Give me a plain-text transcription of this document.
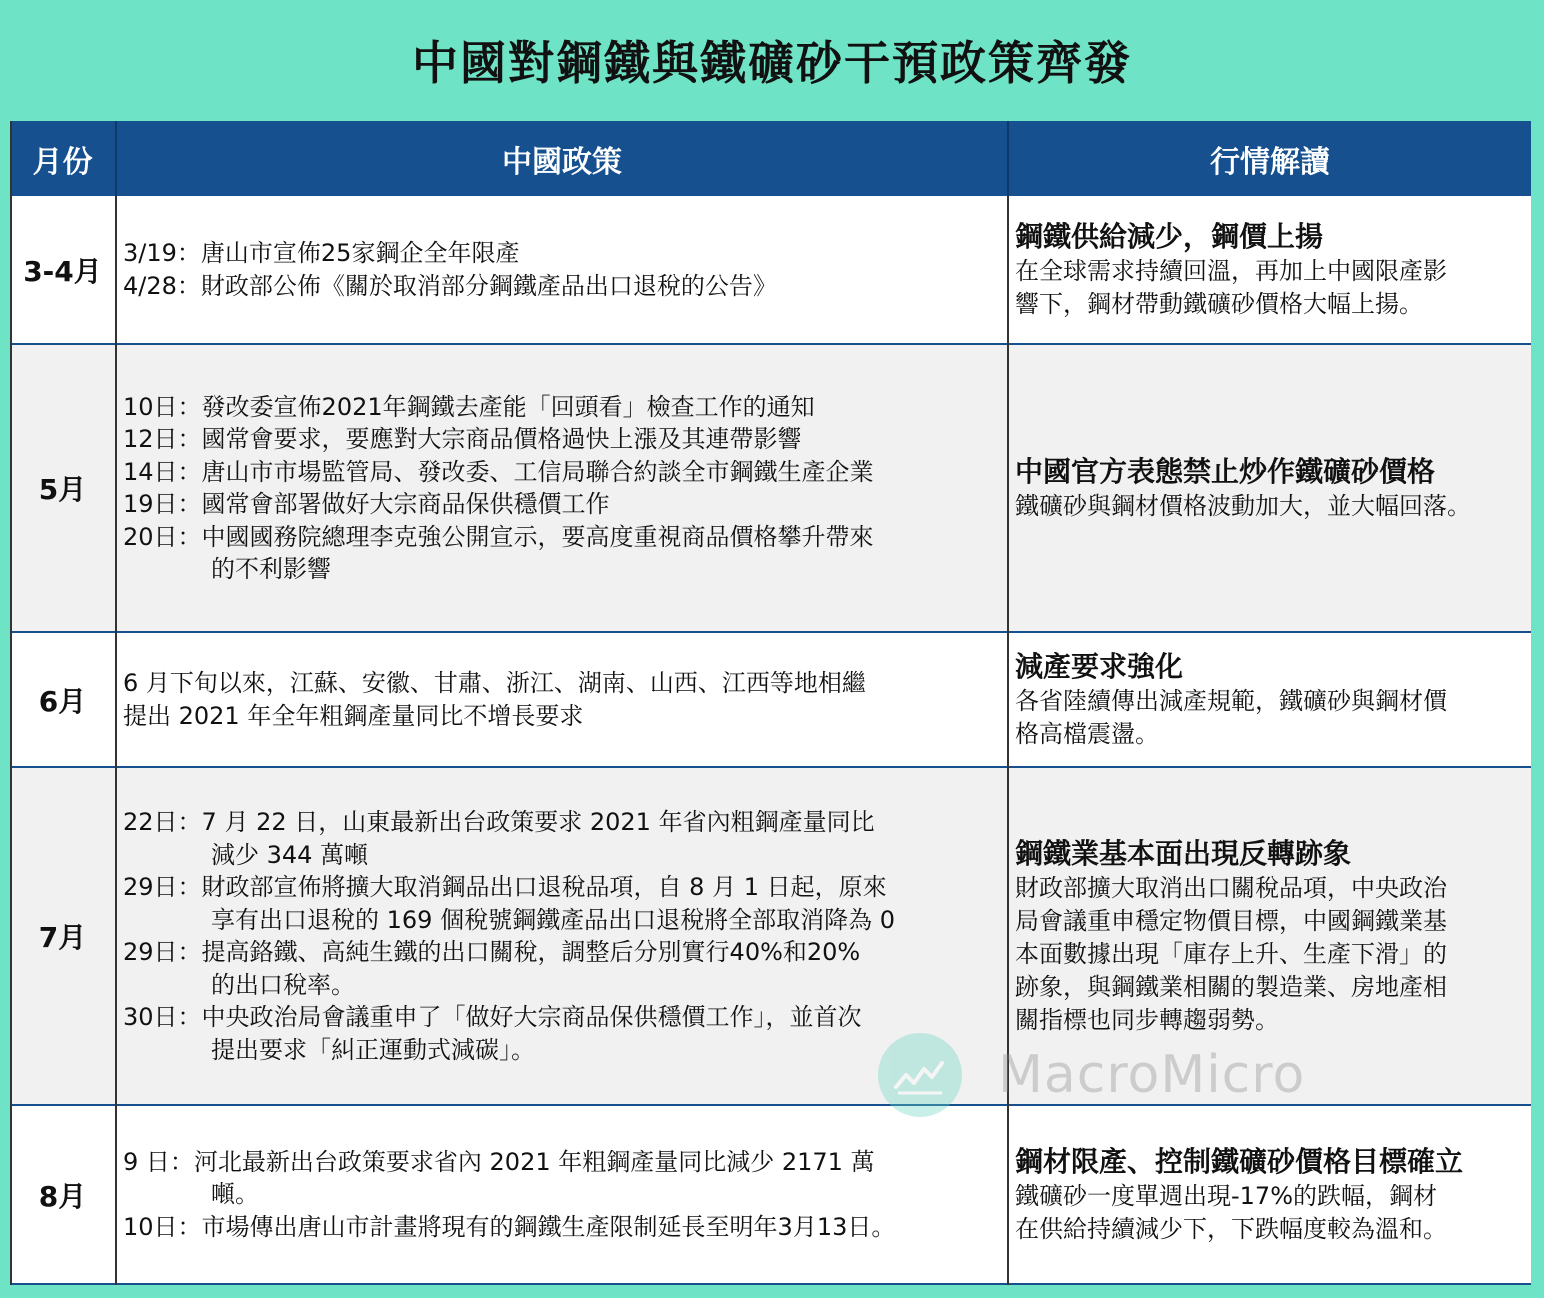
中國對鋼鐵與鐵礦砂干預政策齊發
月份	中國政策	行情解讀
3-4月
3/19： 唐山市宣佈25家鋼企全年限產
4/28： 財政部公佈《關於取消部分鋼鐵產品出口退稅的公告》
鋼鐵供給減少，鋼價上揚
在全球需求持續回溫，再加上中國限產影
響下，鋼材帶動鐵礦砂價格大幅上揚。
5月
10日： 發改委宣佈2021年鋼鐵去產能「回頭看」檢查工作的通知
12日： 國常會要求，要應對大宗商品價格過快上漲及其連帶影響
14日： 唐山市市場監管局、發改委、工信局聯合約談全市鋼鐵生產企業
19日： 國常會部署做好大宗商品保供穩價工作
20日： 中國國務院總理李克強公開宣示，要高度重視商品價格攀升帶來
的不利影響
中國官方表態禁止炒作鐵礦砂價格
鐵礦砂與鋼材價格波動加大，並大幅回落。
6月
6 月下旬以來，江蘇、安徽、甘肅、浙江、湖南、山西、江西等地相繼
提出 2021 年全年粗鋼產量同比不增長要求
減產要求強化
各省陸續傳出減產規範，鐵礦砂與鋼材價
格高檔震盪。
7月
22日： 7 月 22 日，山東最新出台政策要求 2021 年省內粗鋼產量同比
減少 344 萬噸
29日： 財政部宣佈將擴大取消鋼品出口退稅品項，自 8 月 1 日起，原來
享有出口退稅的 169 個稅號鋼鐵產品出口退稅將全部取消降為 0
29日： 提高鉻鐵、高純生鐵的出口關稅，調整后分別實行40%和20%
的出口稅率。
30日： 中央政治局會議重申了「做好大宗商品保供穩價工作」，並首次
提出要求「糾正運動式減碳」。
鋼鐵業基本面出現反轉跡象
財政部擴大取消出口關稅品項，中央政治
局會議重申穩定物價目標，中國鋼鐵業基
本面數據出現「庫存上升、生產下滑」的
跡象，與鋼鐵業相關的製造業、房地產相
關指標也同步轉趨弱勢。
8月
9 日： 河北最新出台政策要求省內 2021 年粗鋼產量同比減少 2171 萬
噸。
10日： 市場傳出唐山市計畫將現有的鋼鐵生產限制延長至明年3月13日。
鋼材限產、控制鐵礦砂價格目標確立
鐵礦砂一度單週出現-17%的跌幅，鋼材
在供給持續減少下，下跌幅度較為溫和。
MacroMicro
